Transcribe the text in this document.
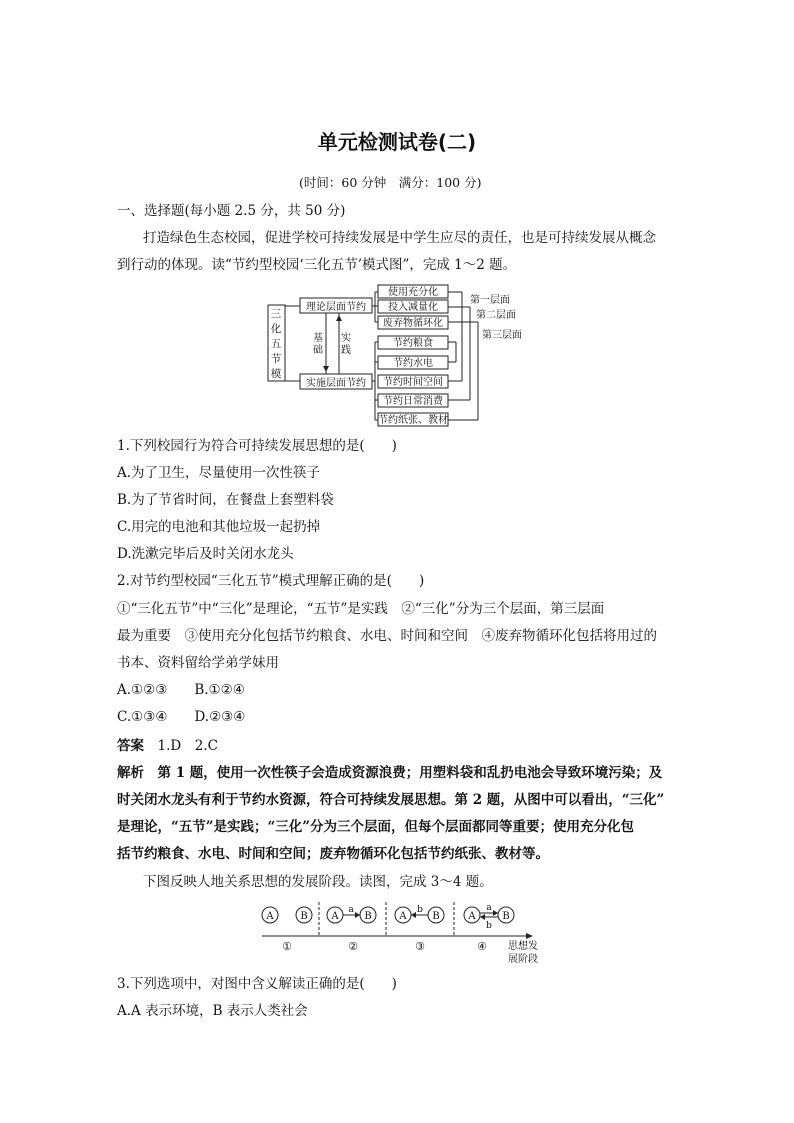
单元检测试卷(二)
(时间：60 分钟　满分：100 分)
一、选择题(每小题 2.5 分，共 50 分)
打造绿色生态校园，促进学校可持续发展是中学生应尽的责任，也是可持续发展从概念
到行动的体现。读“节约型校园‘三化五节’模式图”，完成 1～2 题。
三
化
五
节
模
理论层面节约
实施层面节约
基
础
实
践
使用充分化
投入减量化
废弃物循环化
节约粮食
节约水电
节约时间空间
节约日常消费
节约纸张、教材
第一层面
第二层面
第三层面
1.下列校园行为符合可持续发展思想的是(　　)
A.为了卫生，尽量使用一次性筷子
B.为了节省时间，在餐盘上套塑料袋
C.用完的电池和其他垃圾一起扔掉
D.洗漱完毕后及时关闭水龙头
2.对节约型校园“三化五节”模式理解正确的是(　　)
①“三化五节”中“三化”是理论，“五节”是实践　②“三化”分为三个层面，第三层面
最为重要　③使用充分化包括节约粮食、水电、时间和空间　④废弃物循环化包括将用过的
书本、资料留给学弟学妹用
A.①②③　　B.①②④
C.①③④　　D.②③④
答案　 1.D　2.C
解析　 第 1 题，使用一次性筷子会造成资源浪费；用塑料袋和乱扔电池会导致环境污染；及
时关闭水龙头有利于节约水资源，符合可持续发展思想。第 2 题，从图中可以看出，“三化”
是理论，“五节”是实践；“三化”分为三个层面，但每个层面都同等重要；使用充分化包
括节约粮食、水电、时间和空间；废弃物循环化包括节约纸张、教材等。
下图反映人地关系思想的发展阶段。读图，完成 3～4 题。
A	B A	B	A	B	A	B
a	b	a
b
①	②	③	④ 思想发
展阶段
3.下列选项中，对图中含义解读正确的是(　　)
A.A 表示环境，B 表示人类社会
